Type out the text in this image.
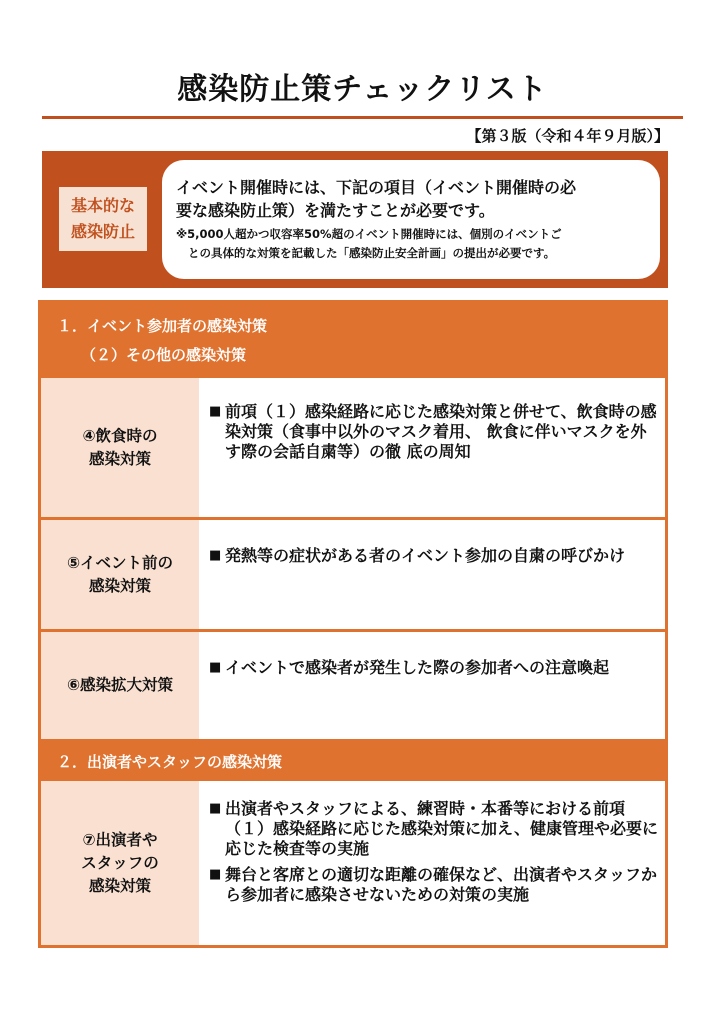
感染防止策チェックリスト
【第３版（令和４年９月版）】
基本的な
感染防止
イベント開催時には、下記の項目（イベント開催時の必
要な感染防止策）を満たすことが必要です。
※5,000人超かつ収容率50%超のイベント開催時には、個別のイベントご
との具体的な対策を記載した「感染防止安全計画」の提出が必要です。
１．イベント参加者の感染対策
（２）その他の感染対策
④飲食時の
感染対策
■ 前項（１）感染経路に応じた感染対策と併せて、飲食時の感染対策（食事中以外のマスク着用、 飲食に伴いマスクを外す際の会話自粛等）の徹 底の周知
⑤イベント前の
感染対策
■ 発熱等の症状がある者のイベント参加の自粛の呼びかけ
⑥感染拡大対策
■ イベントで感染者が発生した際の参加者への注意喚起
２．出演者やスタッフの感染対策
⑦出演者や
スタッフの
感染対策
■ 出演者やスタッフによる、練習時・本番等における前項（１）感染経路に応じた感染対策に加え、健康管理や必要に応じた検査等の実施
■ 舞台と客席との適切な距離の確保など、出演者やスタッフから参加者に感染させないための対策の実施
